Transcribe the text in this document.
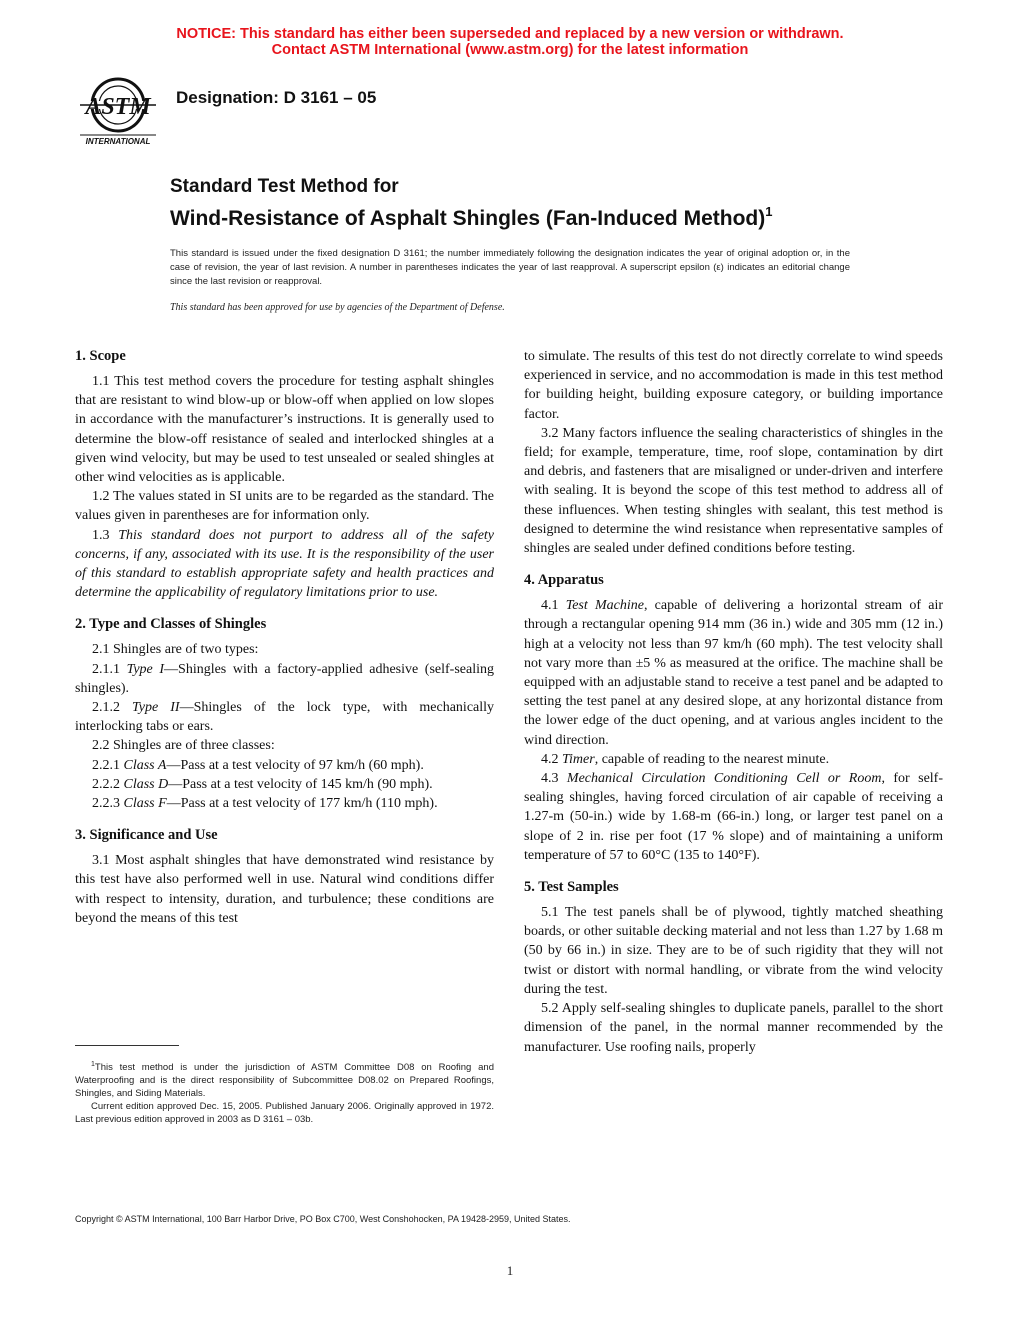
NOTICE: This standard has either been superseded and replaced by a new version or withdrawn.
Contact ASTM International (www.astm.org) for the latest information
ASTM
INTERNATIONAL
Designation: D 3161 – 05
Standard Test Method for
Wind-Resistance of Asphalt Shingles (Fan-Induced Method)$^1$
This standard is issued under the fixed designation D 3161; the number immediately following the designation indicates the year of original adoption or, in the case of revision, the year of last revision. A number in parentheses indicates the year of last reapproval. A superscript epsilon (ε) indicates an editorial change since the last revision or reapproval.
This standard has been approved for use by agencies of the Department of Defense.
1. Scope

1.1 This test method covers the procedure for testing asphalt shingles that are resistant to wind blow-up or blow-off when applied on low slopes in accordance with the manufacturer’s instructions. It is generally used to determine the blow-off resistance of sealed and interlocked shingles at a given wind velocity, but may be used to test unsealed or sealed shingles at other wind velocities as is applicable.

1.2 The values stated in SI units are to be regarded as the standard. The values given in parentheses are for information only.

1.3 This standard does not purport to address all of the safety concerns, if any, associated with its use. It is the responsibility of the user of this standard to establish appropriate safety and health practices and determine the applicability of regulatory limitations prior to use.

2. Type and Classes of Shingles

2.1 Shingles are of two types:

2.1.1 Type I—Shingles with a factory-applied adhesive (self-sealing shingles).

2.1.2 Type II—Shingles of the lock type, with mechanically interlocking tabs or ears.

2.2 Shingles are of three classes:

2.2.1 Class A—Pass at a test velocity of 97 km/h (60 mph).

2.2.2 Class D—Pass at a test velocity of 145 km/h (90 mph).

2.2.3 Class F—Pass at a test velocity of 177 km/h (110 mph).

3. Significance and Use

3.1 Most asphalt shingles that have demonstrated wind resistance by this test have also performed well in use. Natural wind conditions differ with respect to intensity, duration, and turbulence; these conditions are beyond the means of this test

to simulate. The results of this test do not directly correlate to wind speeds experienced in service, and no accommodation is made in this test method for building height, building exposure category, or building importance factor.

3.2 Many factors influence the sealing characteristics of shingles in the field; for example, temperature, time, roof slope, contamination by dirt and debris, and fasteners that are misaligned or under-driven and interfere with sealing. It is beyond the scope of this test method to address all of these influences. When testing shingles with sealant, this test method is designed to determine the wind resistance when representative samples of shingles are sealed under defined conditions before testing.

4. Apparatus

4.1 Test Machine, capable of delivering a horizontal stream of air through a rectangular opening 914 mm (36 in.) wide and 305 mm (12 in.) high at a velocity not less than 97 km/h (60 mph). The test velocity shall not vary more than ±5 % as measured at the orifice. The machine shall be equipped with an adjustable stand to receive a test panel and be adapted to setting the test panel at any desired slope, at any horizontal distance from the lower edge of the duct opening, and at various angles incident to the wind direction.

4.2 Timer, capable of reading to the nearest minute.

4.3 Mechanical Circulation Conditioning Cell or Room, for self-sealing shingles, having forced circulation of air capable of receiving a 1.27-m (50-in.) wide by 1.68-m (66-in.) long, or larger test panel on a slope of 2 in. rise per foot (17 % slope) and of maintaining a uniform temperature of 57 to 60°C (135 to 140°F).

5. Test Samples

5.1 The test panels shall be of plywood, tightly matched sheathing boards, or other suitable decking material and not less than 1.27 by 1.68 m (50 by 66 in.) in size. They are to be of such rigidity that they will not twist or distort with normal handling, or vibrate from the wind velocity during the test.

5.2 Apply self-sealing shingles to duplicate panels, parallel to the short dimension of the panel, in the normal manner recommended by the manufacturer. Use roofing nails, properly

$^1$This test method is under the jurisdiction of ASTM Committee D08 on Roofing and Waterproofing and is the direct responsibility of Subcommittee D08.02 on Prepared Roofings, Shingles, and Siding Materials.

Current edition approved Dec. 15, 2005. Published January 2006. Originally approved in 1972. Last previous edition approved in 2003 as D 3161 – 03b.

Copyright © ASTM International, 100 Barr Harbor Drive, PO Box C700, West Conshohocken, PA 19428-2959, United States.
1
